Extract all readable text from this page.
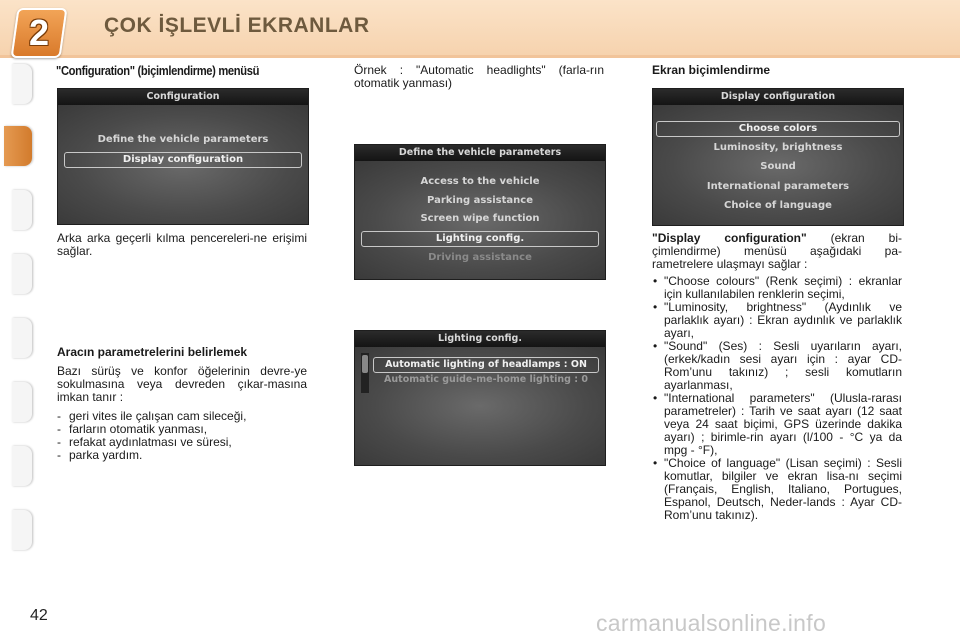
2	ÇOK İŞLEVLİ EKRANLAR
"Configuration" (biçimlendirme) menüsü
Configuration
Define the vehicle parameters
Display configuration

Arka arka geçerli kılma pencereleri-ne erişimi sağlar.

Aracın parametrelerini belirlemek

Bazı sürüş ve konfor öğelerinin devre-ye sokulmasına veya devreden çıkar-masına imkan tanır :

- geri vites ile çalışan cam sileceği,
- farların otomatik yanması,
- refakat aydınlatması ve süresi,
- parka yardım.

Örnek : "Automatic headlights" (farla-rın otomatik yanması)

Define the vehicle parameters
Access to the vehicle
Parking assistance
Screen wipe function
Lighting config.
Driving assistance
Lighting config.
Automatic lighting of headlamps : ON
Automatic guide-me-home lighting : 0
Ekran biçimlendirme
Display configuration
Choose colors
Luminosity, brightness
Sound
International parameters
Choice of language

"Display configuration" (ekran bi-çimlendirme) menüsü aşağıdaki pa-rametrelere ulaşmayı sağlar :

• "Choose colours" (Renk seçimi) : ekranlar için kullanılabilen renklerin seçimi,
• "Luminosity, brightness" (Aydınlık ve parlaklık ayarı) : Ekran aydınlık ve parlaklık ayarı,
• "Sound" (Ses) : Sesli uyarıların ayarı, (erkek/kadın sesi ayarı için : ayar CD-Rom’unu takınız) ; sesli komutların ayarlanması,
• "International parameters" (Ulusla-rarası parametreler) : Tarih ve saat ayarı (12 saat veya 24 saat biçimi, GPS üzerinde dakika ayarı) ; birimle-rin ayarı (l/100 - °C ya da mpg - °F),
• "Choice of language" (Lisan seçimi) : Sesli komutlar, bilgiler ve ekran lisa-nı seçimi (Français, English, Italiano, Portugues, Espanol, Deutsch, Neder-lands : Ayar CD-Rom’unu takınız).
42	carmanualsonline.info
